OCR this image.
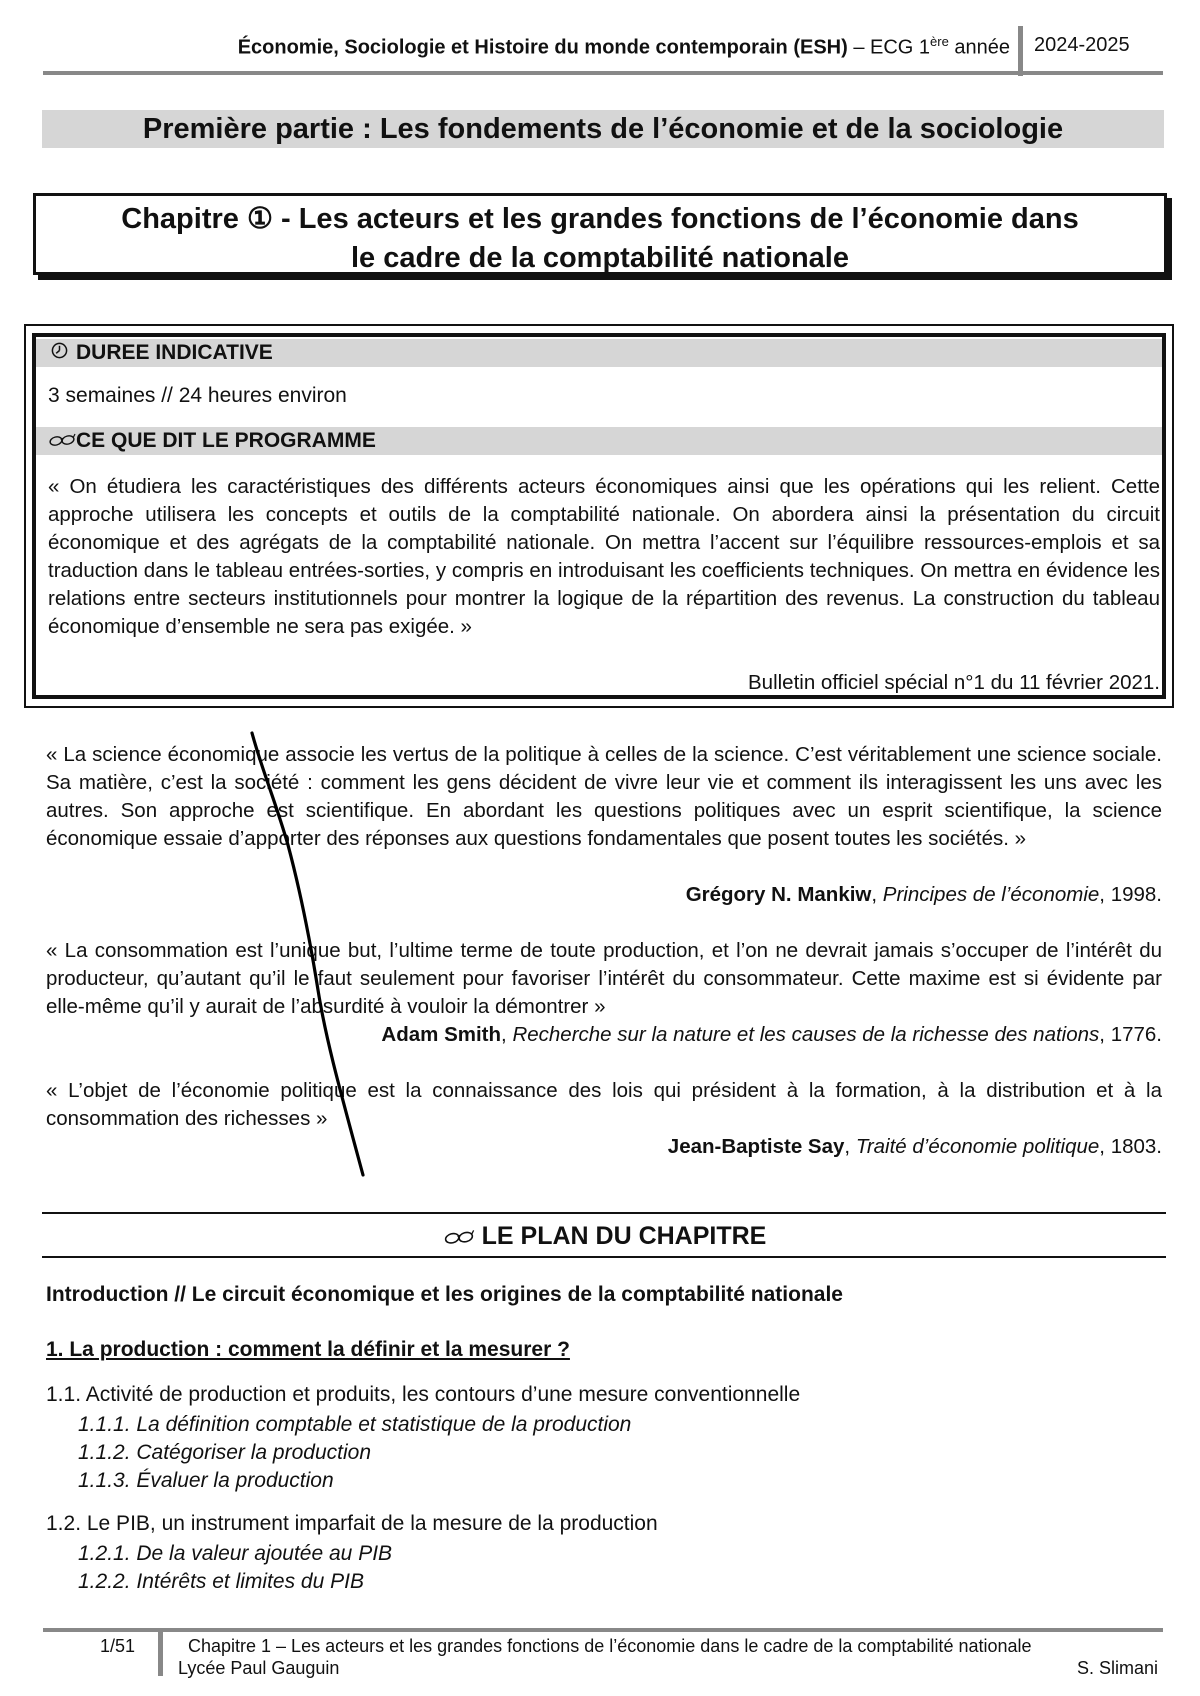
Économie, Sociologie et Histoire du monde contemporain (ESH) – ECG 1ère année 2024-2025
Première partie : Les fondements de l’économie et de la sociologie
Chapitre ① - Les acteurs et les grandes fonctions de l’économie dans
le cadre de la comptabilité nationale
DUREE INDICATIVE
3 semaines // 24 heures environ
CE QUE DIT LE PROGRAMME
« On étudiera les caractéristiques des différents acteurs économiques ainsi que les opérations qui les relient. Cette approche utilisera les concepts et outils de la comptabilité nationale. On abordera ainsi la présentation du circuit économique et des agrégats de la comptabilité nationale. On mettra l’accent sur l’équilibre ressources-emplois et sa traduction dans le tableau entrées-sorties, y compris en introduisant les coefficients techniques. On mettra en évidence les relations entre secteurs institutionnels pour montrer la logique de la répartition des revenus. La construction du tableau économique d’ensemble ne sera pas exigée. »
Bulletin officiel spécial n°1 du 11 février 2021.
« La science économique associe les vertus de la politique à celles de la science. C’est véritablement une science sociale. Sa matière, c’est la société : comment les gens décident de vivre leur vie et comment ils interagissent les uns avec les autres. Son approche est scientifique. En abordant les questions politiques avec un esprit scientifique, la science économique essaie d’apporter des réponses aux questions fondamentales que posent toutes les sociétés. »
Grégory N. Mankiw, Principes de l’économie, 1998.
« La consommation est l’unique but, l’ultime terme de toute production, et l’on ne devrait jamais s’occuper de l’intérêt du producteur, qu’autant qu’il le faut seulement pour favoriser l’intérêt du consommateur. Cette maxime est si évidente par elle-même qu’il y aurait de l’absurdité à vouloir la démontrer »
Adam Smith, Recherche sur la nature et les causes de la richesse des nations, 1776.
« L’objet de l’économie politique est la connaissance des lois qui président à la formation, à la distribution et à la consommation des richesses »
Jean-Baptiste Say, Traité d’économie politique, 1803.
LE PLAN DU CHAPITRE
Introduction // Le circuit économique et les origines de la comptabilité nationale
1. La production : comment la définir et la mesurer ?
1.1. Activité de production et produits, les contours d’une mesure conventionnelle
1.1.1. La définition comptable et statistique de la production
1.1.2. Catégoriser la production
1.1.3. Évaluer la production
1.2. Le PIB, un instrument imparfait de la mesure de la production
1.2.1. De la valeur ajoutée au PIB
1.2.2. Intérêts et limites du PIB
1/51	Chapitre 1 – Les acteurs et les grandes fonctions de l’économie dans le cadre de la comptabilité nationale
Lycée Paul Gauguin	S. Slimani
